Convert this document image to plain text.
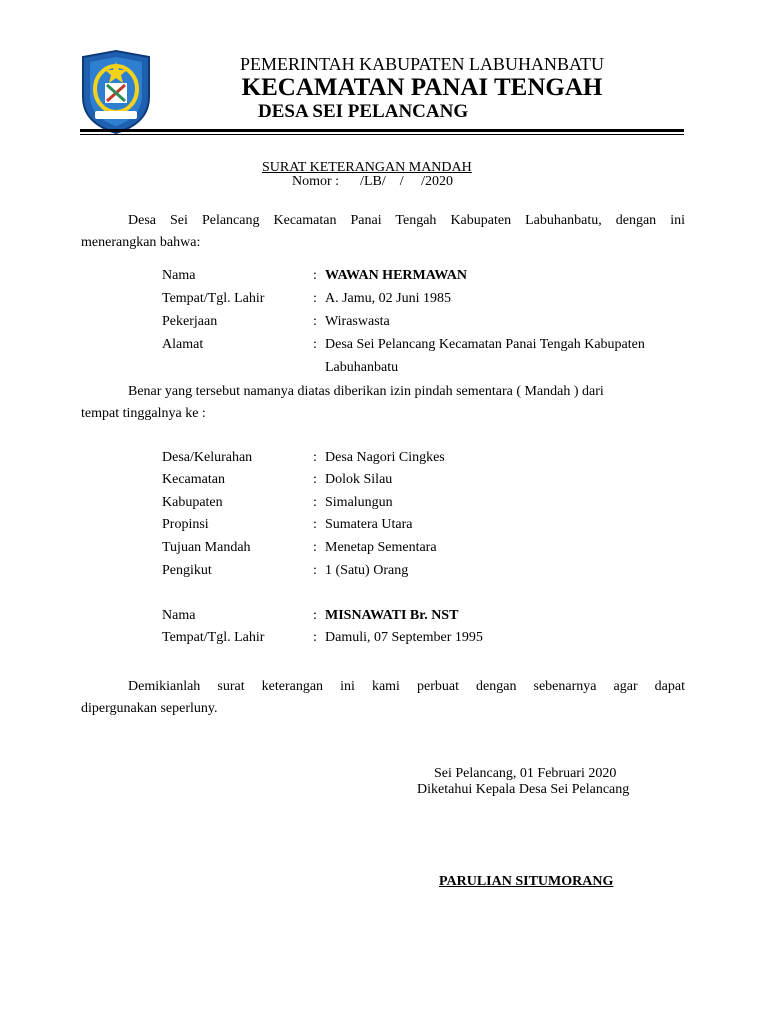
PEMERINTAH KABUPATEN LABUHANBATU
KECAMATAN PANAI TENGAH
DESA SEI PELANCANG
SURAT KETERANGAN MANDAH
Nomor :      /LB/    /     /2020
Desa Sei Pelancang Kecamatan Panai Tengah Kabupaten Labuhanbatu, dengan ini
menerangkan bahwa:
Nama	: WAWAN HERMAWAN
Tempat/Tgl. Lahir	: A. Jamu, 02 Juni 1985
Pekerjaan	: Wiraswasta
Alamat	: Desa Sei Pelancang Kecamatan Panai Tengah Kabupaten
Labuhanbatu
Benar yang tersebut namanya diatas diberikan izin pindah sementara ( Mandah ) dari
tempat tinggalnya ke :
Desa/Kelurahan	: Desa Nagori Cingkes
Kecamatan	: Dolok Silau
Kabupaten	: Simalungun
Propinsi	: Sumatera Utara
Tujuan Mandah	: Menetap Sementara
Pengikut	: 1 (Satu) Orang
Nama	: MISNAWATI Br. NST
Tempat/Tgl. Lahir	: Damuli, 07 September 1995
Demikianlah surat keterangan ini kami perbuat dengan sebenarnya agar dapat
dipergunakan seperluny.
Sei Pelancang, 01 Februari 2020
Diketahui Kepala Desa Sei Pelancang
PARULIAN SITUMORANG
